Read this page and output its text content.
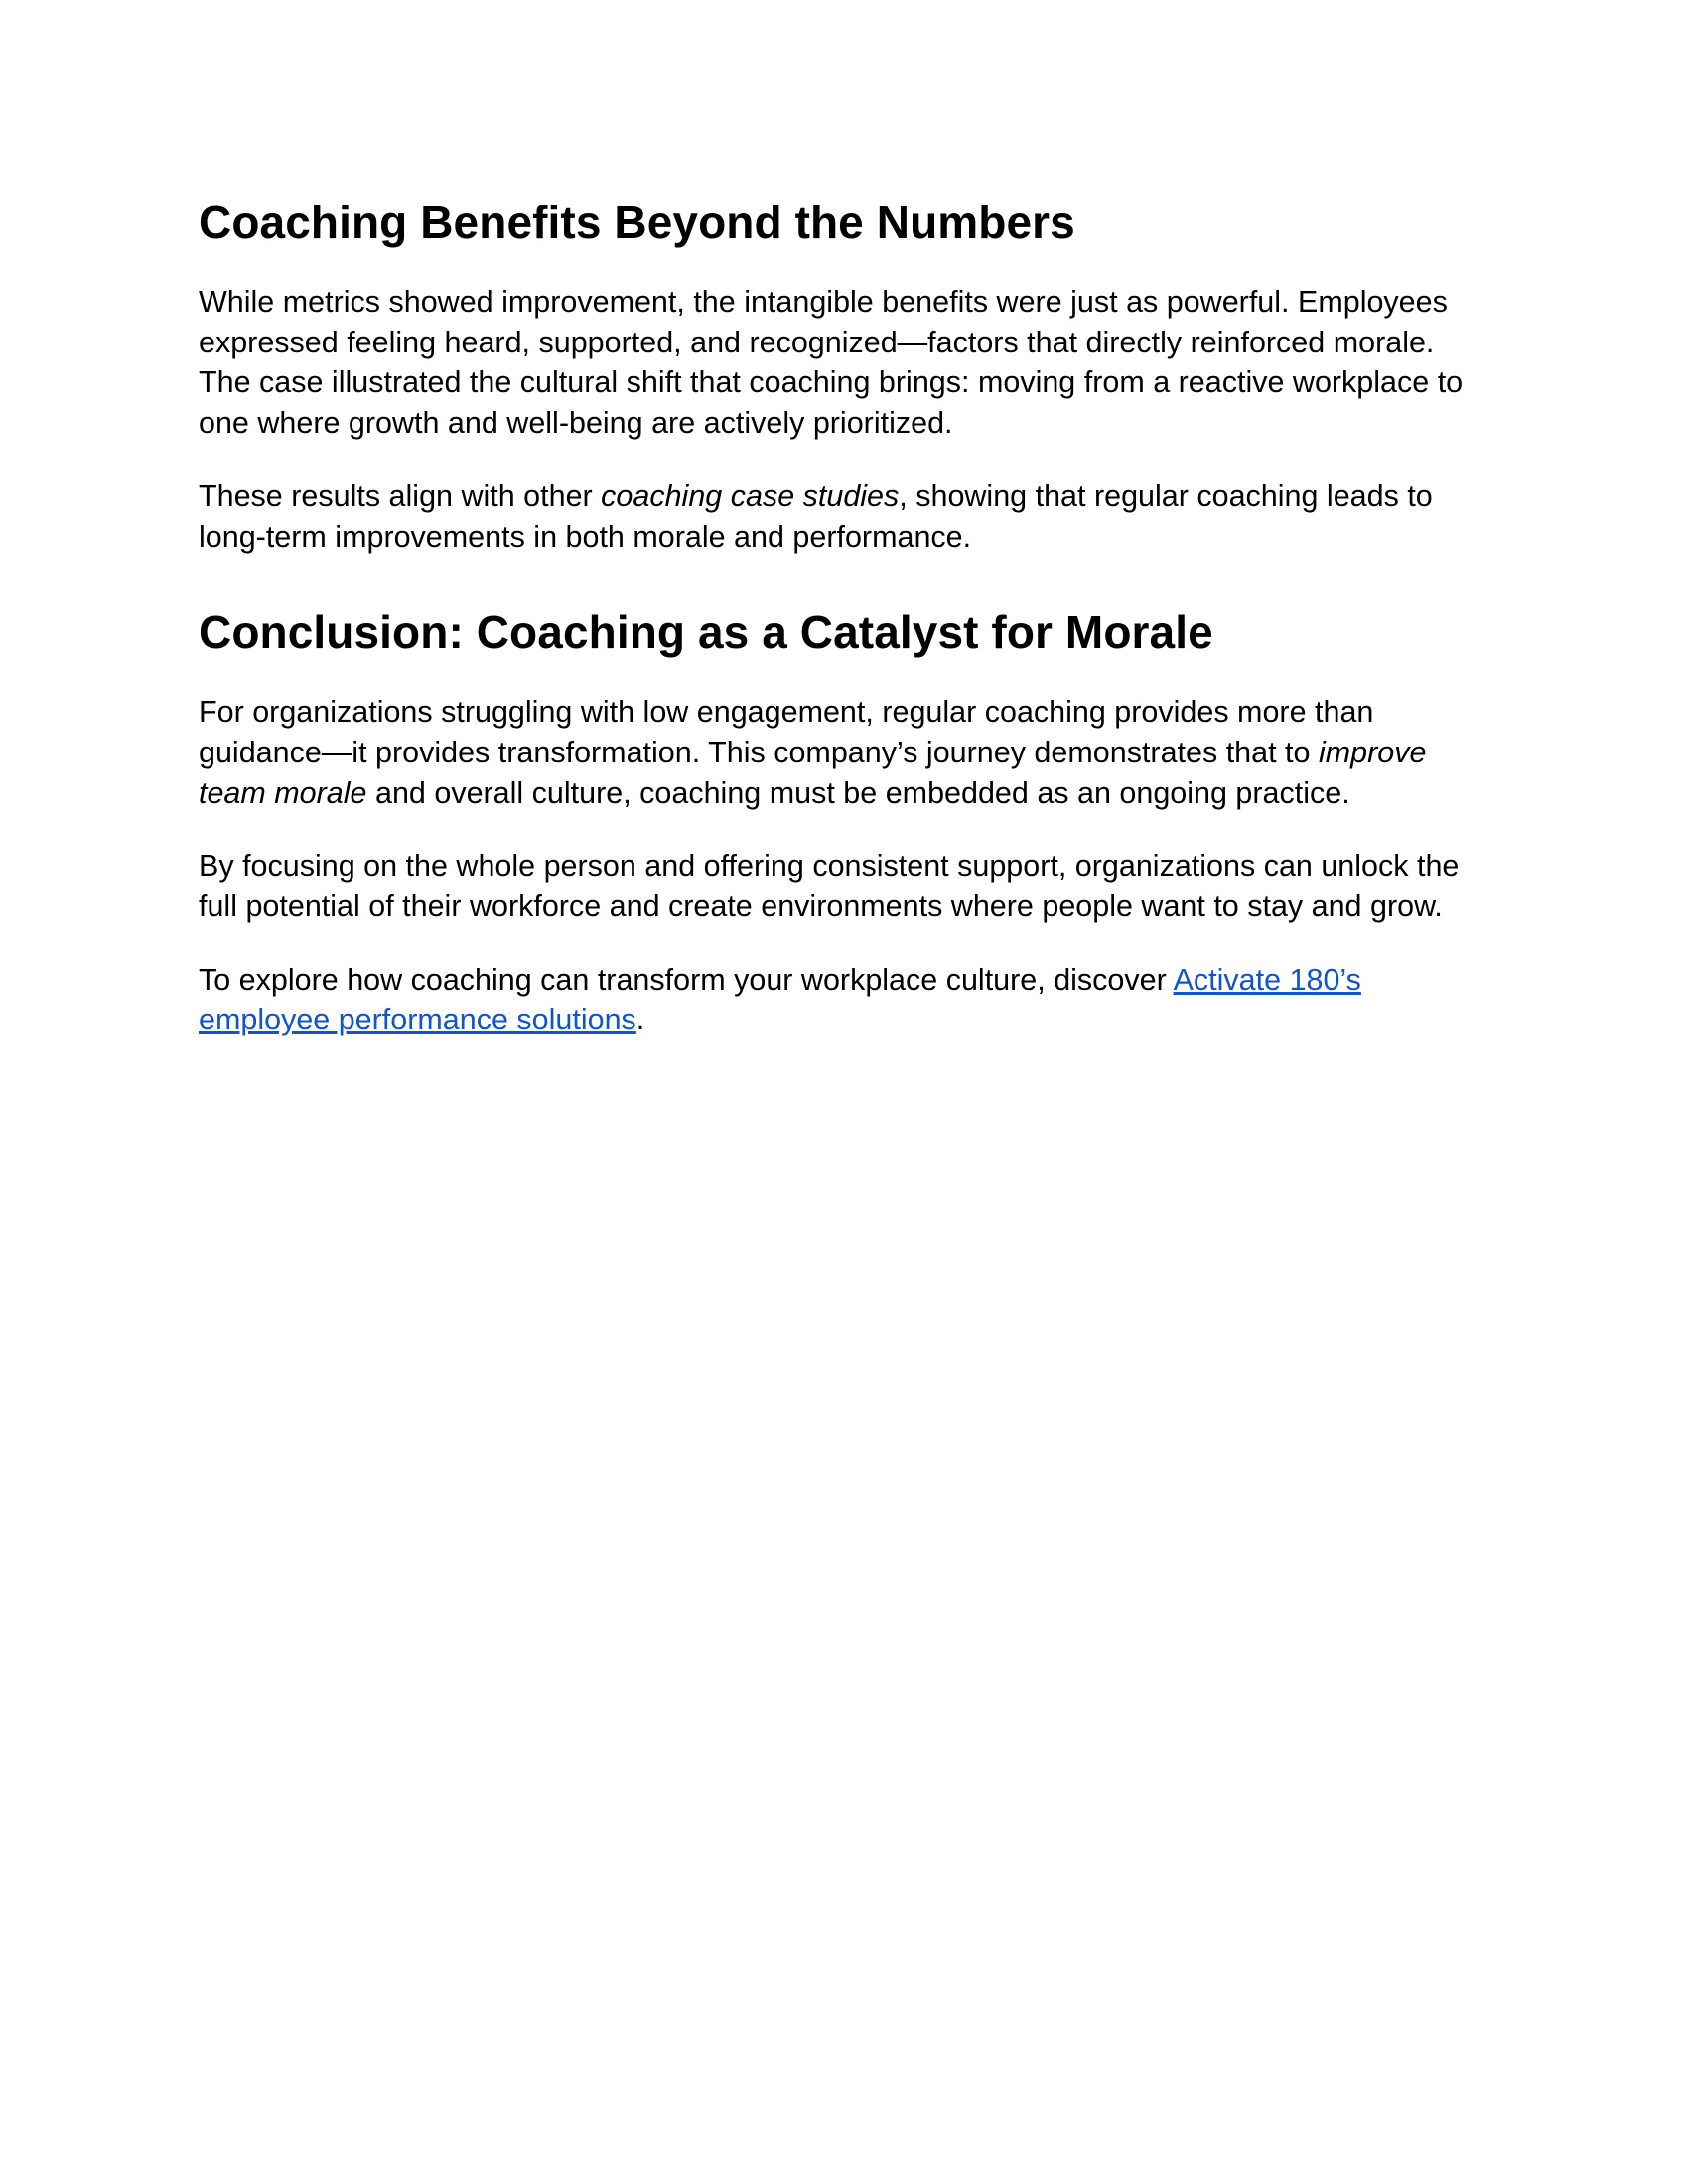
Coaching Benefits Beyond the Numbers

While metrics showed improvement, the intangible benefits were just as powerful. Employees expressed feeling heard, supported, and recognized—factors that directly reinforced morale. The case illustrated the cultural shift that coaching brings: moving from a reactive workplace to one where growth and well-being are actively prioritized.

These results align with other coaching case studies, showing that regular coaching leads to long-term improvements in both morale and performance.

Conclusion: Coaching as a Catalyst for Morale

For organizations struggling with low engagement, regular coaching provides more than guidance—it provides transformation. This company’s journey demonstrates that to improve team morale and overall culture, coaching must be embedded as an ongoing practice.

By focusing on the whole person and offering consistent support, organizations can unlock the full potential of their workforce and create environments where people want to stay and grow.

To explore how coaching can transform your workplace culture, discover Activate 180’s employee performance solutions.
